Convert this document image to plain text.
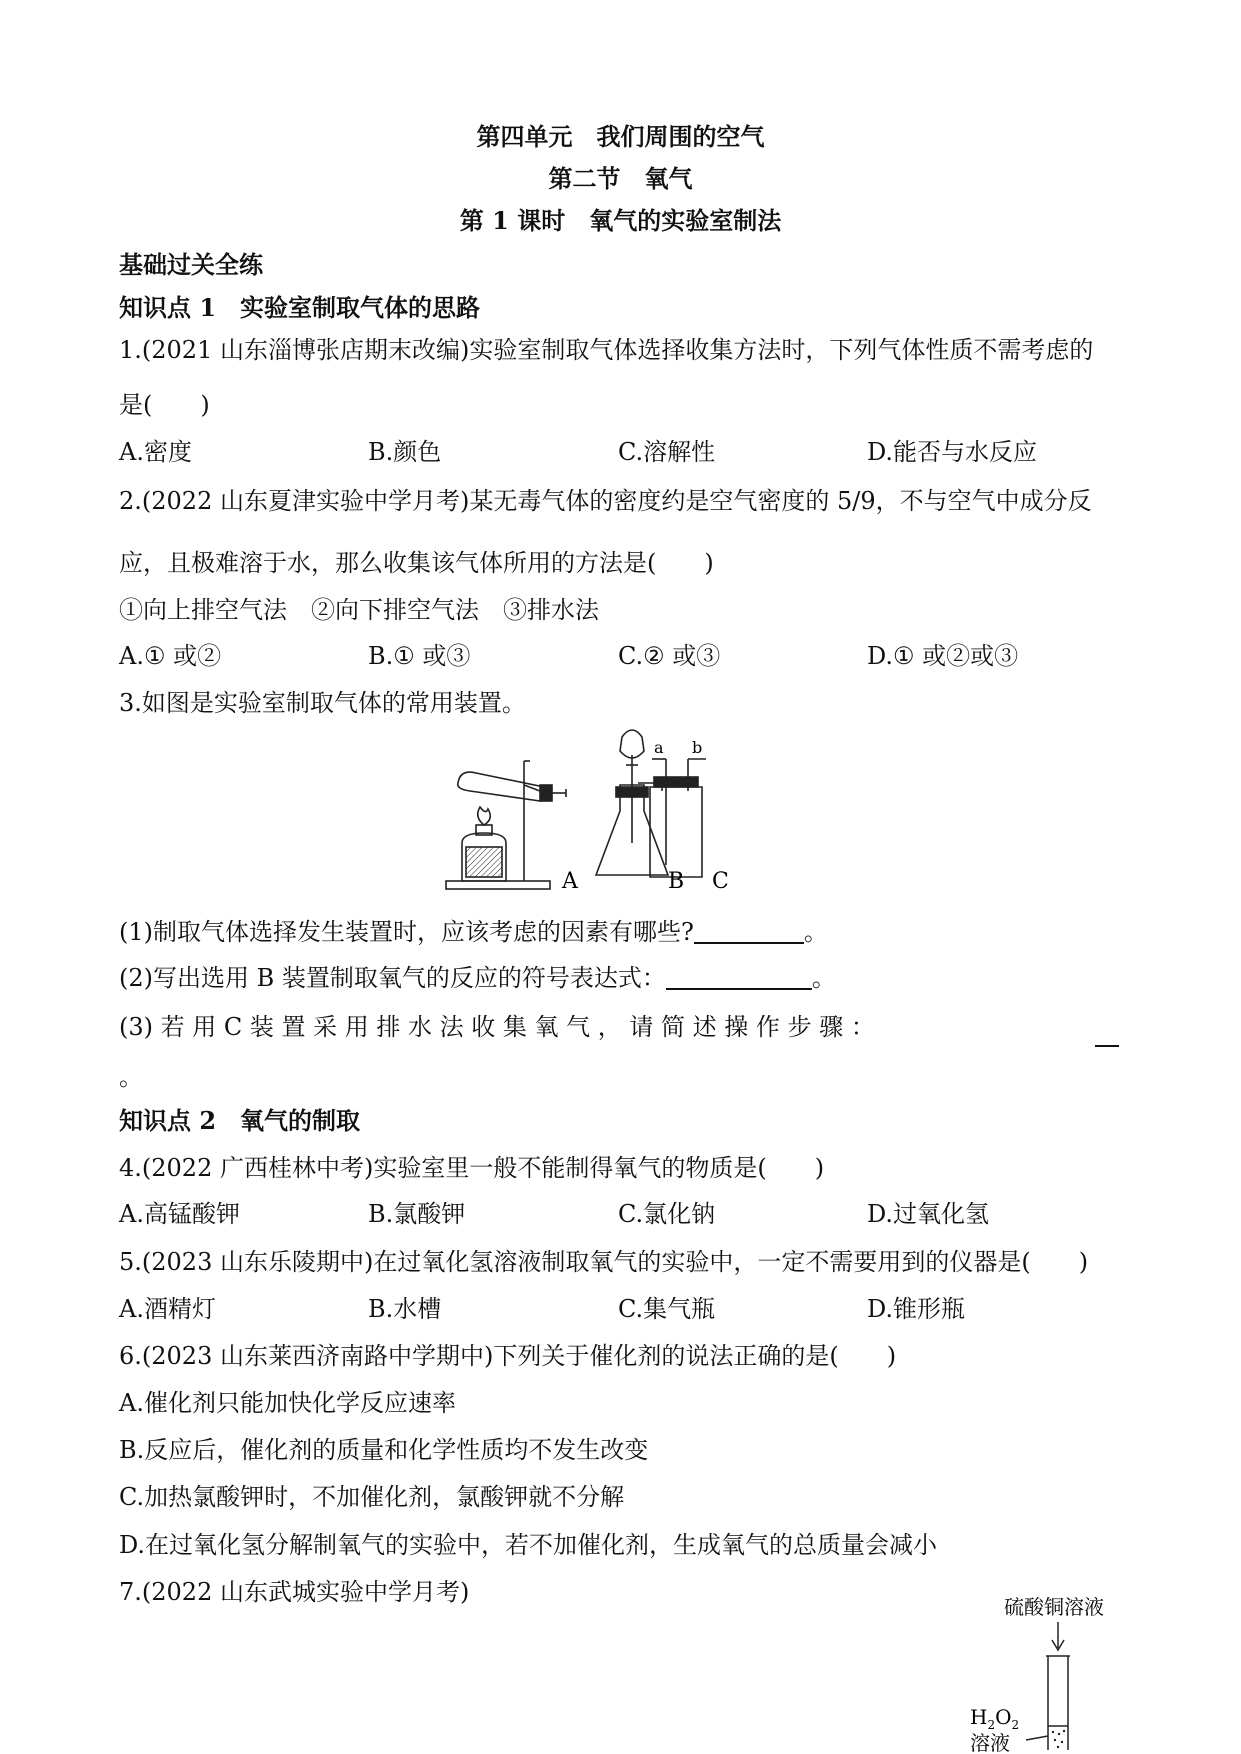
第四单元　我们周围的空气
第二节　氧气
第 1 课时　氧气的实验室制法
基础过关全练
知识点 1　实验室制取气体的思路
1.(2021 山东淄博张店期末改编)实验室制取气体选择收集方法时，下列气体性质不需考虑的
是(　　)
A.密度	B.颜色	C.溶解性	D.能否与水反应
2.(2022 山东夏津实验中学月考)某无毒气体的密度约是空气密度的 5/9，不与空气中成分反
应，且极难溶于水，那么收集该气体所用的方法是(　　)
①向上排空气法　②向下排空气法　③排水法
A.① 或②	B.① 或③	C.② 或③	D.① 或②或③
3.如图是实验室制取气体的常用装置。
A	B C
a b
(1)制取气体选择发生装置时，应该考虑的因素有哪些?	。
(2)写出选用 B 装置制取氧气的反应的符号表达式：	。
(3) 若 用 C 装 置 采 用 排 水 法 收 集 氧 气 ， 请 简 述 操 作 步 骤 ：
。
知识点 2　氧气的制取
4.(2022 广西桂林中考)实验室里一般不能制得氧气的物质是(　　)
A.高锰酸钾	B.氯酸钾	C.氯化钠	D.过氧化氢
5.(2023 山东乐陵期中)在过氧化氢溶液制取氧气的实验中，一定不需要用到的仪器是(　　)
A.酒精灯	B.水槽	C.集气瓶	D.锥形瓶
6.(2023 山东莱西济南路中学期中)下列关于催化剂的说法正确的是(　　)
A.催化剂只能加快化学反应速率
B.反应后，催化剂的质量和化学性质均不发生改变
C.加热氯酸钾时，不加催化剂，氯酸钾就不分解
D.在过氧化氢分解制氧气的实验中，若不加催化剂，生成氧气的总质量会减小
7.(2022 山东武城实验中学月考)
硫酸铜溶液
$H_2O_2$
溶液
